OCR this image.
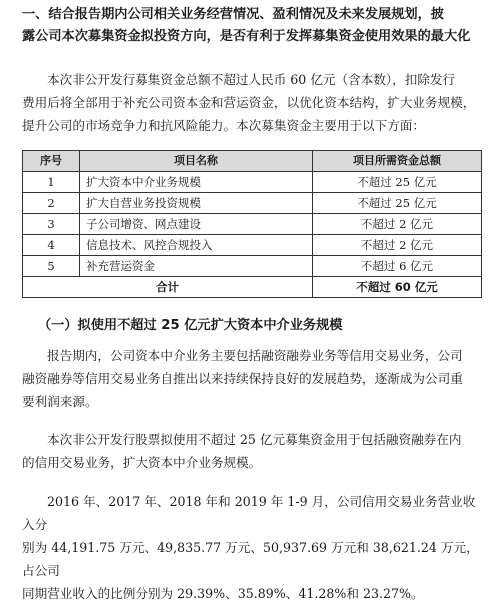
一、结合报告期内公司相关业务经营情况、盈利情况及未来发展规划，披
露公司本次募集资金拟投资方向，是否有利于发挥募集资金使用效果的最大化
本次非公开发行募集资金总额不超过人民币 60 亿元（含本数），扣除发行
费用后将全部用于补充公司资本金和营运资金，以优化资本结构，扩大业务规模，
提升公司的市场竞争力和抗风险能力。本次募集资金主要用于以下方面：
序号	项目名称	项目所需资金总额
1	扩大资本中介业务规模	不超过 25 亿元
2	扩大自营业务投资规模	不超过 25 亿元
3	子公司增资、网点建设	不超过 2 亿元
4	信息技术、风控合规投入	不超过 2 亿元
5	补充营运资金	不超过 6 亿元
合计		不超过 60 亿元
（一）拟使用不超过 25 亿元扩大资本中介业务规模
报告期内，公司资本中介业务主要包括融资融券业务等信用交易业务，公司
融资融券等信用交易业务自推出以来持续保持良好的发展趋势，逐渐成为公司重
要利润来源。
本次非公开发行股票拟使用不超过 25 亿元募集资金用于包括融资融券在内
的信用交易业务，扩大资本中介业务规模。
2016 年、2017 年、2018 年和 2019 年 1-9 月，公司信用交易业务营业收入分
别为 44,191.75 万元、49,835.77 万元、50,937.69 万元和 38,621.24 万元，占公司
同期营业收入的比例分别为 29.39%、35.89%、41.28%和 23.27%。
